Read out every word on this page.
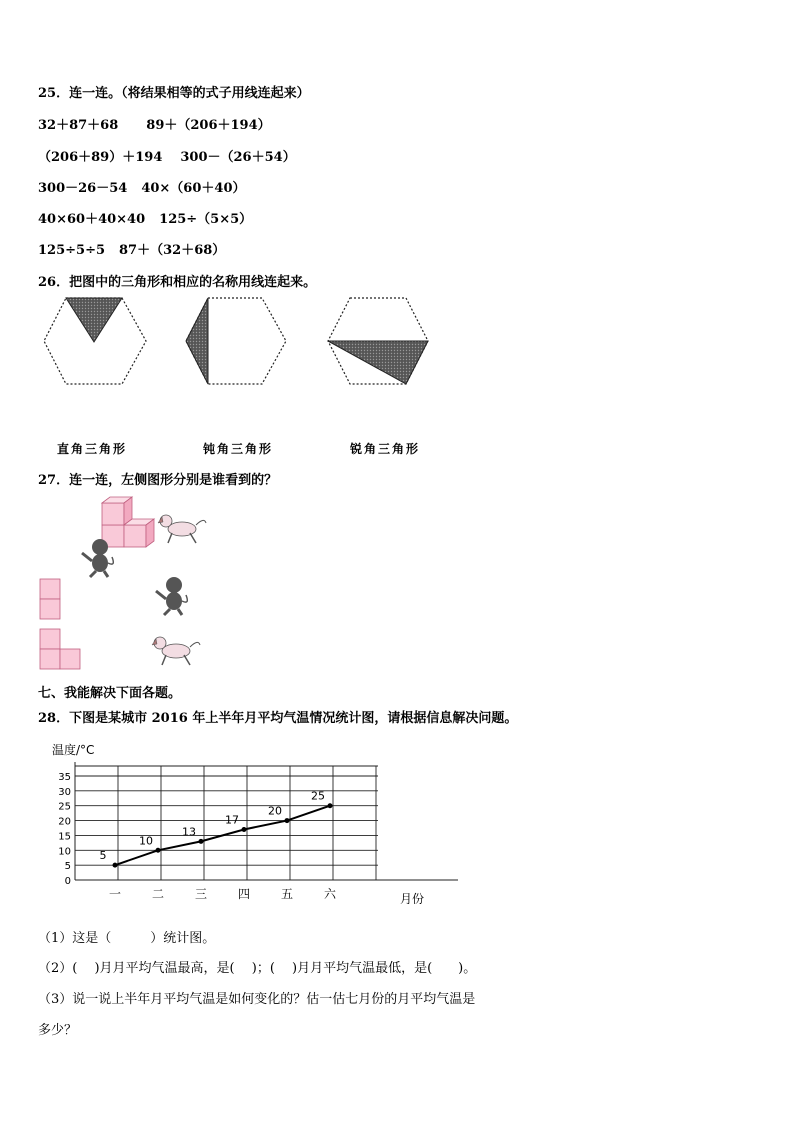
25．连一连。（将结果相等的式子用线连起来）
32＋87＋68 89＋（206＋194）
（206＋89）＋194 300－（26＋54）
300－26－54 40×（60＋40）
40×60＋40×40 125÷（5×5）
125÷5÷5 87＋（32＋68）
26．把图中的三角形和相应的名称用线连起来。
直角三角形	钝角三角形	锐角三角形
27．连一连，左侧图形分别是谁看到的？
七、我能解决下面各题。
28．下图是某城市 2016 年上半年月平均气温情况统计图，请根据信息解决问题。
温度/°C
月份
0
5
10
15
20
25
30
35
一	二	三	四	五	六
5
10
13
17
20
25
（1）这是（　　　）统计图。
（2）(　 )月月平均气温最高，是(　 )；(　 )月月平均气温最低，是(　　)。
（3）说一说上半年月平均气温是如何变化的？估一估七月份的月平均气温是
多少？
